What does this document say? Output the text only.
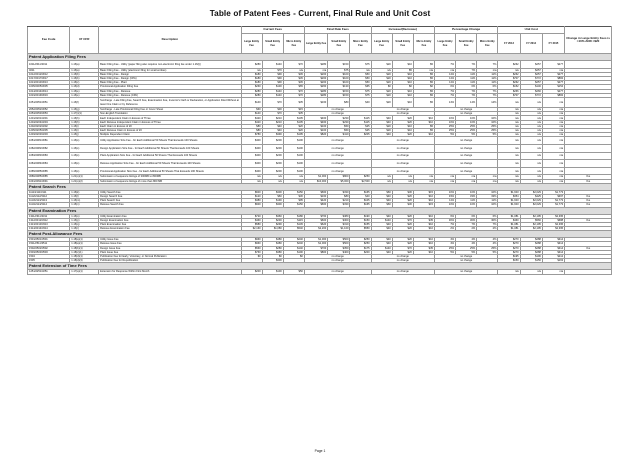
Table of Patent Fees - Current, Final Rule and Unit Cost
Fee Code	37 CFR	Description	Current Fees			Final Rule Fees			Increase/(Decrease)			Percentage Change			Unit Cost			Change in Large Entity Fees is >10% AND >$20
			Large Entity Fee	Small Entity Fee	Micro Entity Fee	Large Entity Fee	Small Entity Fee	Micro Entity Fee	Large Entity Fee	Small Entity Fee	Micro Entity Fee	Large Entity Fee	Small Entity Fee	Micro Entity Fee	FY 2013	FY 2014	FY 2015	
Patent Application Filing Fees																		
1011/2011/3011	1.16(a)	Basic Filing Fee - Utility (paper filing also requires non-electronic filing fee under 1.16(t))	$280	$140	$70	$280	$150	$75	$20	$10	$5	7%	7%	7%	$262	$257	$277	
4011	1.16(a)	Basic Filing Fee - Utility (electronic filing for small entities)	n/a	$70	n/a	n/a	$75	n/a	n/a	$5	n/a	n/a	7%	n/a	n/a	$257	n/a	
1012/2012/3012	1.16(b)	Basic Filing Fee - Design	$180	$90	$45	$200	$100	$50	$20	$10	$5	11%	11%	11%	$262	$257	$277	
1017/2017/3017	1.16(b)	Basic Filing Fee - Design (CPA)	$180	$90	$45	$200	$100	$50	$20	$10	$5	11%	11%	11%	$707	$772	$884	
1013/2013/3013	1.16(c)	Basic Filing Fee - Plant	$180	$90	$45	$200	$100	$50	$20	$10	$5	11%	11%	11%	$262	$257	$277	
1005/2005/3005	1.16(d)	Provisional Application Filing Fee	$260	$130	$65	$260	$130	$65	$0	$0	$0	0%	0%	0%	$152	$146	$154	
1014/2014/3014	1.16(e)	Basic Filing Fee - Reissue	$280	$140	$70	$280	$150	$75	$20	$10	$5	7%	7%	7%	$266	$266	$277	
1019/2019/3019	1.16(e)	Basic Filing Fee - Reissue (CPA)	$280	$140	$70	$280	$150	$75	$20	$10	$5	7%	7%	7%	$707	$772	$884	
1051/2051/3051	1.16(f)	Surcharge - Late Filing Fee, Search Fee, Examination Fee, Inventor's Oath or Declaration, or Application Filed Without at least One Claim or by Reference	$140	$70	$35	$160	$80	$40	$20	$10	$5	14%	14%	14%	n/a	n/a	n/a	
2052/2052/3052	1.16(g)	Surcharge - Late Provisional Filing Fee or Cover Sheet	$60	$30	$15	no change			no change			no change			n/a	n/a	n/a	
1053/2053/3053	1.17(i)(1)	Non-English Translation	$140	$70	$35	no change			no change			no change			n/a	n/a	n/a	
1201/2201/3201	1.16(h)	Each Independent Claim in Excess of Three	$420	$210	$105	$460	$230	$115	$40	$20	$10	10%	10%	10%	n/a	n/a	n/a	
1204/2204/3204	1.16(h)	Each Reissue Independent Claim in Excess of Three	$420	$210	$105	$460	$230	$115	$40	$20	$10	10%	10%	10%	n/a	n/a	n/a	
1202/2202/3202	1.16(i)	Each Claim in Excess of 20	$80	$40	$20	$100	$50	$25	$20	$10	$5	25%	25%	25%	n/a	n/a	n/a	
1205/2205/3205	1.16(i)	Each Reissue Claim in Excess of 20	$80	$40	$20	$100	$50	$25	$20	$10	$5	25%	25%	25%	n/a	n/a	n/a	
1203/2203/3203	1.16(j)	Multiple Dependent Claim	$780	$390	$195	$820	$410	$205	$40	$20	$10	5%	5%	5%	n/a	n/a	n/a	
1081/2081/3081	1.16(s)	Utility Application Size Fee - for Each Additional 50 Sheets That Exceeds 100 Sheets	$400	$200	$100	no change			no change			no change			n/a	n/a	n/a	
1082/2082/3082	1.16(s)	Design Application Size Fee - for Each Additional 50 Sheets That Exceeds 100 Sheets	$400	$200	$100	no change			no change			no change			n/a	n/a	n/a	
1083/2083/3083	1.16(s)	Plant Application Size Fee - for Each Additional 50 Sheets That Exceeds 100 Sheets	$400	$200	$100	no change			no change			no change			n/a	n/a	n/a	
1084/2084/3084	1.16(s)	Reissue Application Size Fee - for Each Additional 50 Sheets That Exceeds 100 Sheets	$400	$200	$100	no change			no change			no change			n/a	n/a	n/a	
1085/2085/3085	1.16(s)	Provisional Application Size Fee - for Each Additional 50 Sheets That Exceeds 100 Sheets	$400	$200	$100	no change			no change			no change			n/a	n/a	n/a	
3086/2085/3085	1.21(o)(1)	Submission of sequence listings of 300MB to 800MB	n/a	n/a	n/a	$1,000	$800	$250	n/a	n/a	n/a	n/a	n/a	n/a	n/a	n/a	n/a	Yes
1091/2091/3091	1.21(o)(2)	Submission of sequence listings of more than 800 MB	n/a	n/a	n/a	$10,000	$5,000	$2,500	n/a	n/a	n/a	n/a	n/a	n/a	n/a	n/a	n/a	Yes
Patent Search Fees																		
1111/2111/3111	1.16(k)	Utility Search Fee	$600	$300	$150	$660	$330	$165	$60	$30	$15	10%	10%	10%	$1,603	$2,029	$1,773	
1112/2112/3112	1.16(l)	Design Search Fee	$120	$60	$30	$160	$80	$40	$40	$20	$10	33%	33%	33%	$354	$425	$397	Yes
1113/2113/3113	1.16(m)	Plant Search Fee	$380	$190	$95	$420	$210	$105	$40	$20	$10	11%	11%	11%	$1,603	$2,029	$1,773	Yes
1114/2114/3114	1.16(n)	Reissue Search Fee	$600	$300	$150	$660	$330	$165	$60	$30	$15	10%	10%	10%	$1,603	$2,029	$1,773	Yes
Patent Examination Fees																		
1311/2311/3311	1.16(o)	Utility Examination Fee	$720	$360	$180	$760	$380	$190	$40	$20	$10	6%	6%	6%	$1,081	$2,195	$2,395	
1312/2312/3312	1.16(p)	Design Examination Fee	$460	$230	$115	$600	$300	$150	$140	$70	$35	30%	30%	30%	$460	$566	$688	Yes
1313/2313/3313	1.16(q)	Plant Examination Fee	$580	$290	$145	$620	$310	$155	$40	$20	$10	7%	7%	7%	$1,081	$2,195	$2,395	
1314/2314/3314	1.16(r)	Reissue Examination Fee	$2,160	$1,080	$540	$2,200	$1,100	$550	$40	$20	$10	2%	2%	2%	$1,081	$2,195	$2,395	
Patent Post-Allowance Fees																		
1501/2501/3501	1.18(a)(1)	Utility Issue Fee	$960	$480	$240	$1,000	$500	$250	$40	$20	$10	4%	4%	4%	$270	$288	$314	
1511/2511/3511	1.18(a)(1)	Reissue Issue Fee	$960	$480	$240	$1,000	$500	$250	$40	$20	$10	4%	4%	4%	$270	$288	$314	
1502/2502/3502	1.18(b)(1)	Design Issue Fee	$560	$280	$140	$700	$350	$175	$140	$70	$35	25%	25%	25%	$270	$288	$314	Yes
1503/2503/3503	1.18(c)(1)	Plant Issue Fee	$760	$380	$190	$800	$400	$200	$40	$20	$10	5%	5%	5%	$270	$288	$314	
1504	1.18(d)(1)	Publication Fee for Early, Voluntary, or Normal Publication	$0	$0	$0	no change			no change			no change			$195	$196	$212	
1505	1.18(d)(3)	Publication Fee for Republication		$300		no change			no change			no change			$150	$156	$163	
Patent Extension of Time Fees																		
1251/2251/3251	1.17(a)(1)	Extension for Response Within First Month	$200	$100	$50	no change			no change			no change			n/a	n/a	n/a	
Page 1
